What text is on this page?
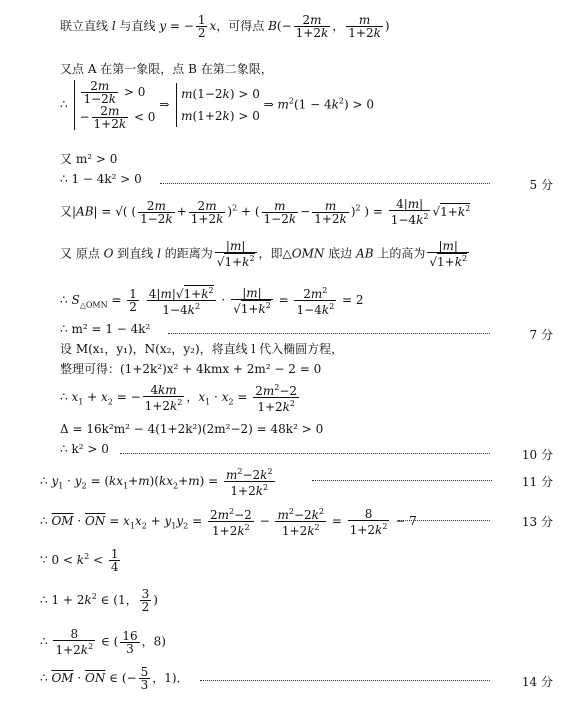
联立直线 l 与直线 y = − $\frac{1}{2}$ x，可得点 $B(- \frac{2m}{1+2k}$ ， $\frac{m}{1+2k}$ )
又点 A 在第一象限，点 B 在第二象限，
∴ $\frac{2m}{1-2k} > 0$
− $\frac{2m}{1+2k} < 0$
⇒
m(1−2k) > 0
m(1+2k) > 0
⇒ $m^2(1 - 4k^2) > 0$
又 m² > 0
∴ 1 − 4k² > 0	5 分
又|AB| = √( ( $\frac{2m}{1-2k} + \frac{2m}{1+2k} )^2$ + ( $\frac{m}{1-2k} - \frac{m}{1+2k} )^2$ ) = $\frac{4|m|}{1-4k^2} √1+k^2$
又 原点 O 到直线 l 的距离为 $\frac{|m|}{√1+k^2}$ ，即△OMN 底边 AB 上的高为 $\frac{|m|}{√1+k^2}$
∴ $S_{\triangle OMN} = \frac{1}{2}$
$\frac{4|m|√1+k^2}{1-4k^2} \cdot \frac{|m|}{√1+k^2} = \frac{2m^2}{1-4k^2} = 2$
∴ m² = 1 − 4k²	7 分
设 M(x₁，y₁)，N(x₂，y₂)，将直线 l 代入椭圆方程，
整理可得：(1+2k²)x² + 4kmx + 2m² − 2 = 0
∴ $x_1 + x_2$ = − $\frac{4km}{1+2k^2}$ ，$x_1 \cdot x_2 = \frac{2m^2-2}{1+2k^2}$
Δ = 16k²m² − 4(1+2k²)(2m²−2) = 48k² > 0
∴ k² > 0	10 分
∴ $y_1 \cdot y_2 = (kx_1+m)(kx_2+m) = \frac{m^2-2k^2}{1+2k^2}$	11 分
∴ $\overline{OM} \cdot \overline{ON} = x_1x_2 + y_1y_2 = \frac{2m^2-2}{1+2k^2} - \frac{m^2-2k^2}{1+2k^2} = \frac{8}{1+2k^2} - 7$	13 分
∵ $0 < k^2 < \frac{1}{4}$
∴ $1 + 2k^2$ ∈ (1， $\frac{3}{2}$ )
∴ $\frac{8}{1+2k^2}$ ∈ ( $\frac{16}{3}$ ，8)
∴ $\overline{OM} \cdot \overline{ON}$ ∈ (− $\frac{5}{3}$ ，1)．	14 分
